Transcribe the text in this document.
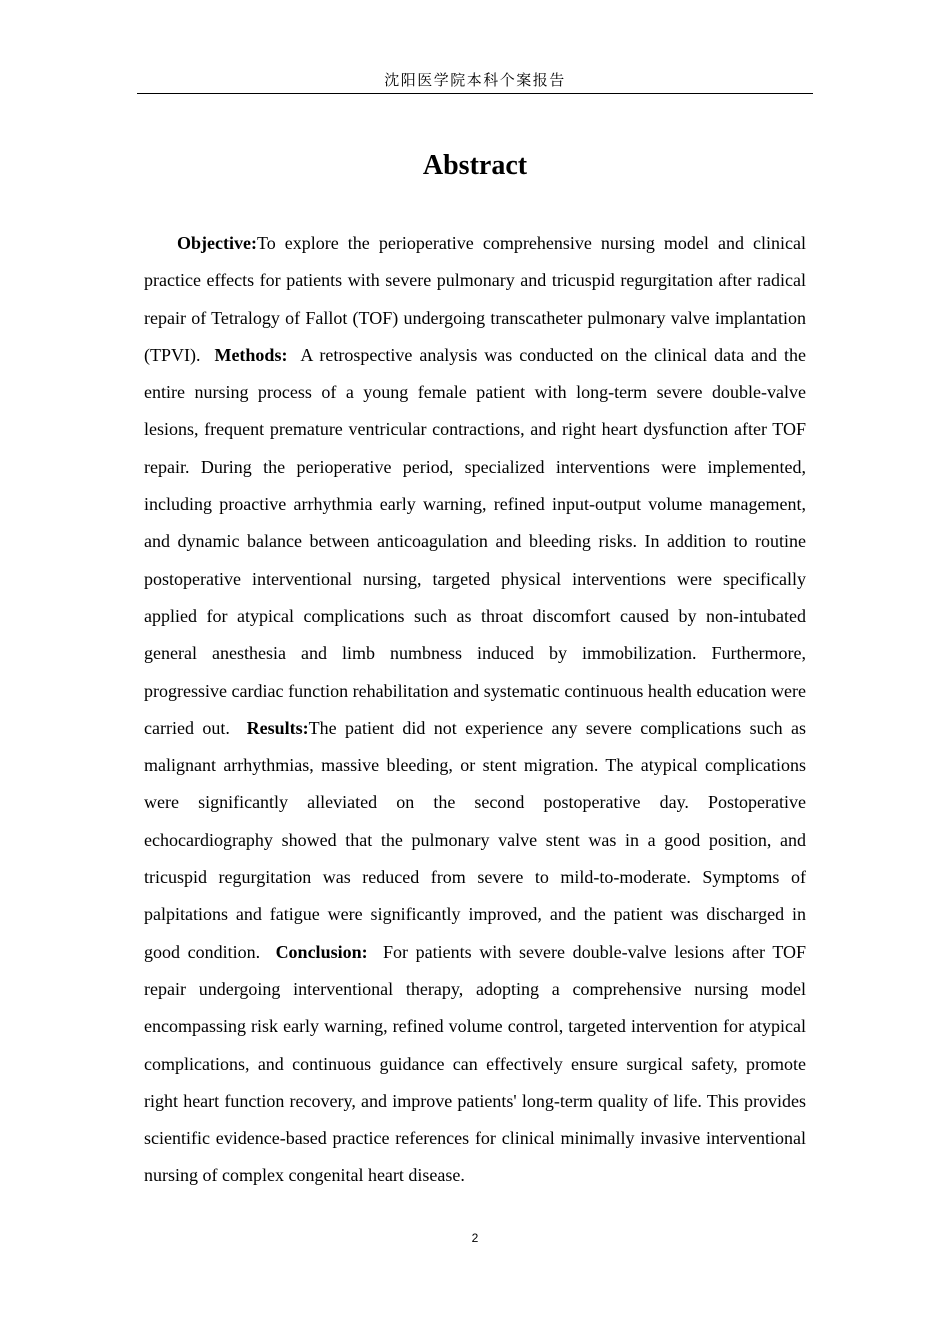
沈阳医学院本科个案报告
Abstract

Objective:To explore the perioperative comprehensive nursing model and clinical practice effects for patients with severe pulmonary and tricuspid regurgitation after radical repair of Tetralogy of Fallot (TOF) undergoing transcatheter pulmonary valve implantation (TPVI). Methods: A retrospective analysis was conducted on the clinical data and the entire nursing process of a young female patient with long-term severe double-valve lesions, frequent premature ventricular contractions, and right heart dysfunction after TOF repair. During the perioperative period, specialized interventions were implemented, including proactive arrhythmia early warning, refined input-output volume management, and dynamic balance between anticoagulation and bleeding risks. In addition to routine postoperative interventional nursing, targeted physical interventions were specifically applied for atypical complications such as throat discomfort caused by non-intubated general anesthesia and limb numbness induced by immobilization. Furthermore, progressive cardiac function rehabilitation and systematic continuous health education were carried out. Results:The patient did not experience any severe complications such as malignant arrhythmias, massive bleeding, or stent migration. The atypical complications were significantly alleviated on the second postoperative day. Postoperative echocardiography showed that the pulmonary valve stent was in a good position, and tricuspid regurgitation was reduced from severe to mild-to-moderate. Symptoms of palpitations and fatigue were significantly improved, and the patient was discharged in good condition. Conclusion: For patients with severe double-valve lesions after TOF repair undergoing interventional therapy, adopting a comprehensive nursing model encompassing risk early warning, refined volume control, targeted intervention for atypical complications, and continuous guidance can effectively ensure surgical safety, promote right heart function recovery, and improve patients' long-term quality of life. This provides scientific evidence-based practice references for clinical minimally invasive interventional nursing of complex congenital heart disease.

2
